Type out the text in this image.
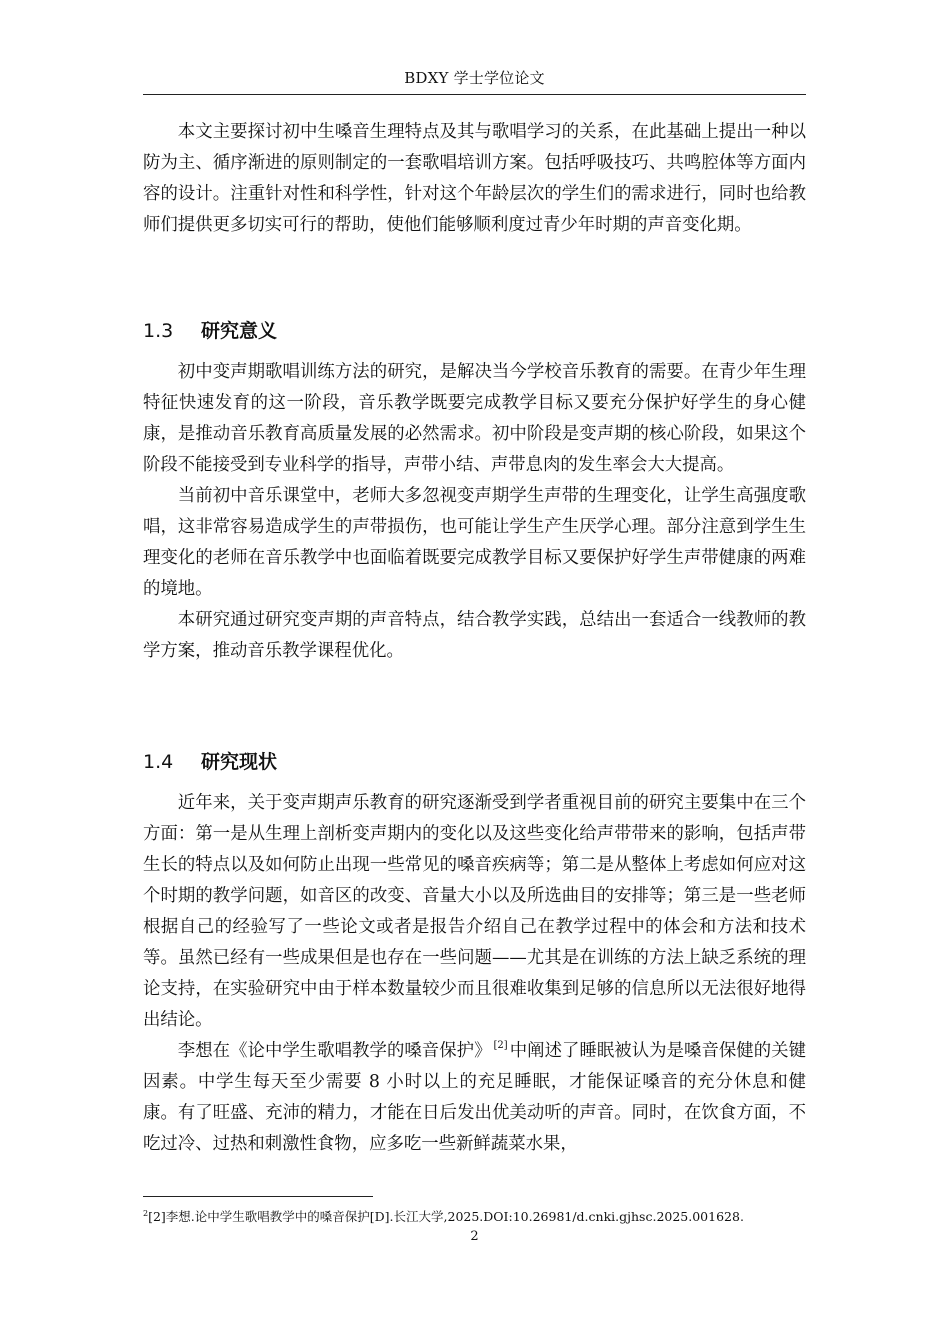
BDXY 学士学位论文

本文主要探讨初中生嗓音生理特点及其与歌唱学习的关系，在此基础上提出一种以防为主、循序渐进的原则制定的一套歌唱培训方案。包括呼吸技巧、共鸣腔体等方面内容的设计。注重针对性和科学性，针对这个年龄层次的学生们的需求进行，同时也给教师们提供更多切实可行的帮助，使他们能够顺利度过青少年时期的声音变化期。

1.3 研究意义

初中变声期歌唱训练方法的研究，是解决当今学校音乐教育的需要。在青少年生理特征快速发育的这一阶段，音乐教学既要完成教学目标又要充分保护好学生的身心健康，是推动音乐教育高质量发展的必然需求。初中阶段是变声期的核心阶段，如果这个阶段不能接受到专业科学的指导，声带小结、声带息肉的发生率会大大提高。

当前初中音乐课堂中，老师大多忽视变声期学生声带的生理变化，让学生高强度歌唱，这非常容易造成学生的声带损伤，也可能让学生产生厌学心理。部分注意到学生生理变化的老师在音乐教学中也面临着既要完成教学目标又要保护好学生声带健康的两难的境地。

本研究通过研究变声期的声音特点，结合教学实践，总结出一套适合一线教师的教学方案，推动音乐教学课程优化。

1.4 研究现状

近年来，关于变声期声乐教育的研究逐渐受到学者重视目前的研究主要集中在三个方面：第一是从生理上剖析变声期内的变化以及这些变化给声带带来的影响，包括声带生长的特点以及如何防止出现一些常见的嗓音疾病等；第二是从整体上考虑如何应对这个时期的教学问题，如音区的改变、音量大小以及所选曲目的安排等；第三是一些老师根据自己的经验写了一些论文或者是报告介绍自己在教学过程中的体会和方法和技术等。虽然已经有一些成果但是也存在一些问题——尤其是在训练的方法上缺乏系统的理论支持，在实验研究中由于样本数量较少而且很难收集到足够的信息所以无法很好地得出结论。

李想在《论中学生歌唱教学的嗓音保护》 [2] 中阐述了睡眠被认为是嗓音保健的关键因素。中学生每天至少需要 8 小时以上的充足睡眠，才能保证嗓音的充分休息和健康。有了旺盛、充沛的精力，才能在日后发出优美动听的声音。同时，在饮食方面，不吃过冷、过热和刺激性食物，应多吃一些新鲜蔬菜水果，

$^2$[2]李想.论中学生歌唱教学中的嗓音保护[D].长江大学,2025.DOI:10.26981/d.cnki.gjhsc.2025.001628.
2
